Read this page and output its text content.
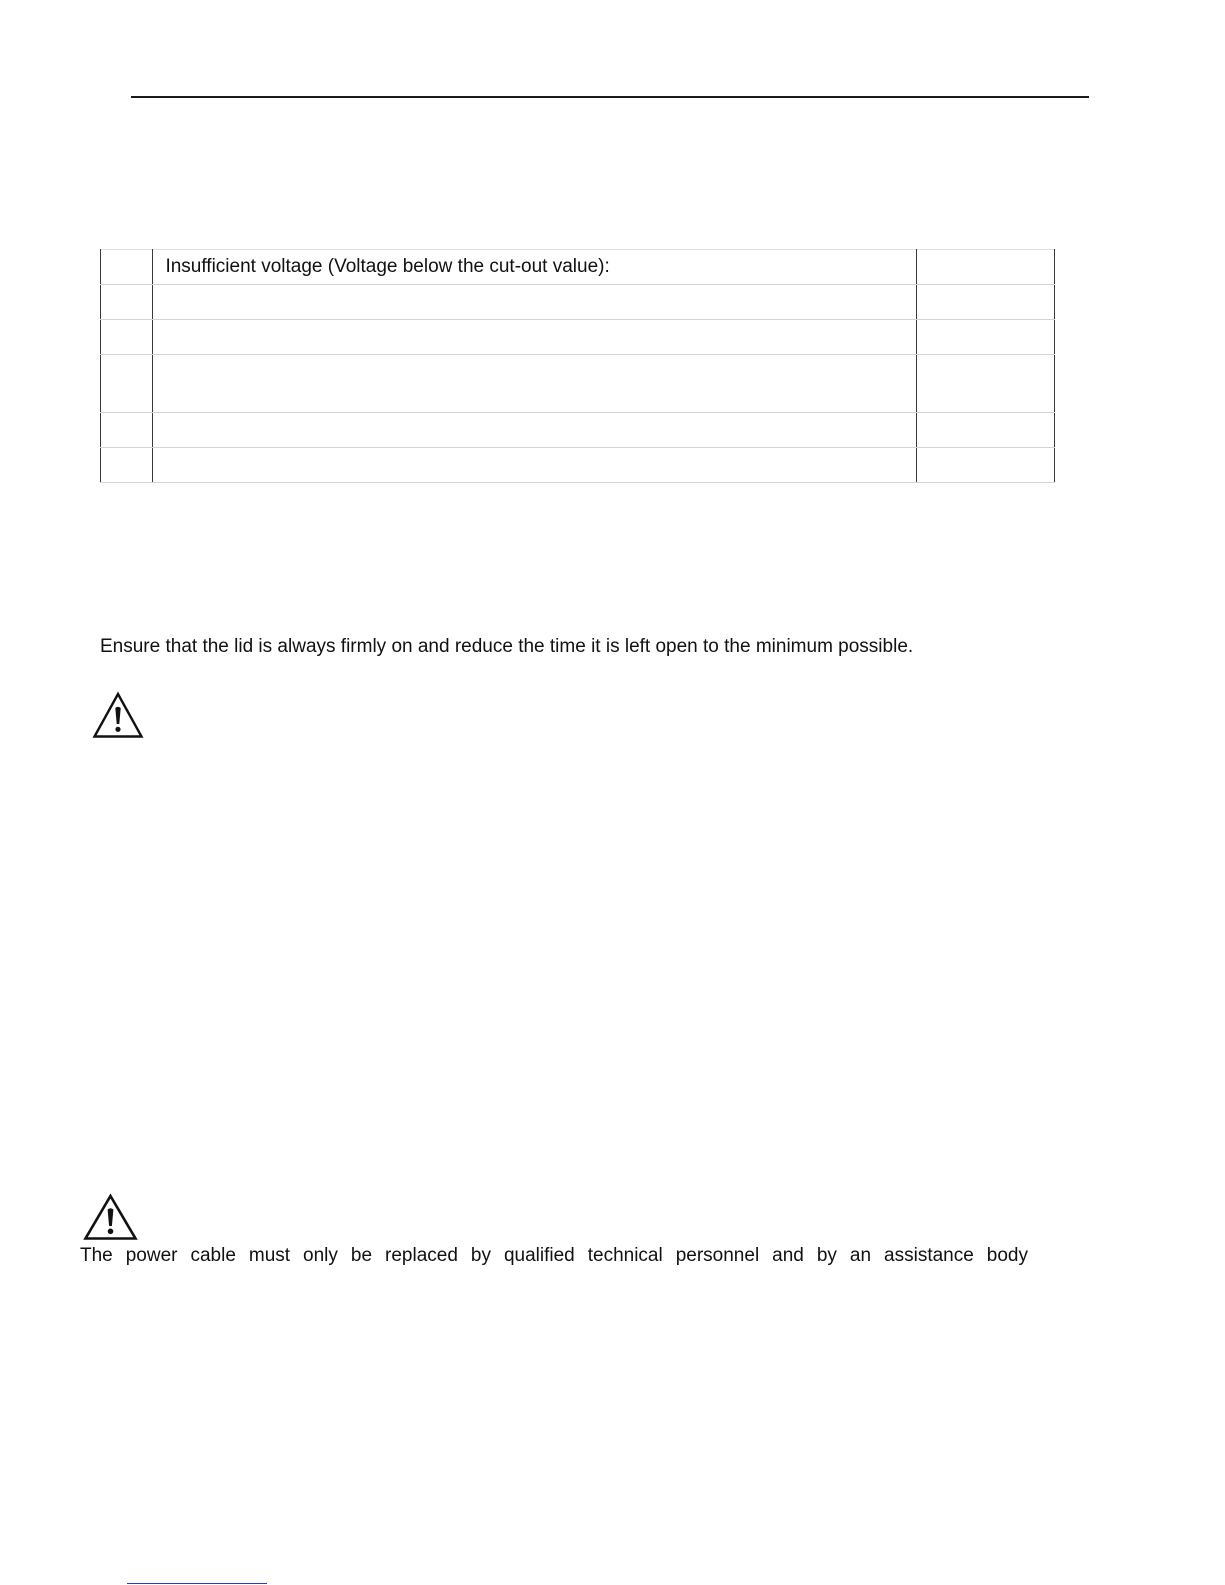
	Insufficient voltage (Voltage below the cut-out value):	

Ensure that the lid is always firmly on and reduce the time it is left open to the minimum possible.
The power cable must only be replaced by qualified technical personnel and by an assistance body
